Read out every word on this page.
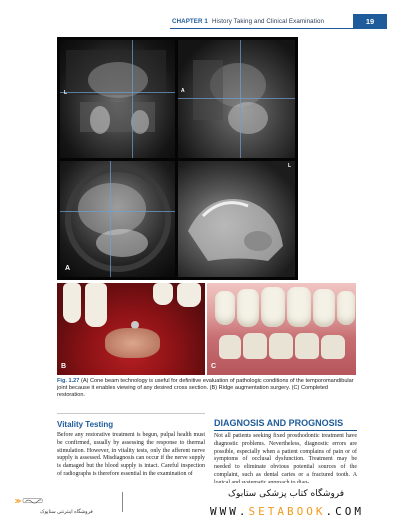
CHAPTER 1 History Taking and Clinical Examination	19
L	A
A
L
B	C
Fig. 1.27 (A) Cone beam technology is useful for definitive evaluation of pathologic conditions of the temporomandibular joint because it enables viewing of any desired cross section. (B) Ridge augmentation surgery. (C) Completed restoration.
Vitality Testing
Before any restorative treatment is begun, pulpal health must be confirmed, usually by assessing the response to thermal stimulation. However, in vitality tests, only the afferent nerve supply is assessed. Misdiagnosis can occur if the nerve supply is damaged but the blood supply is intact. Careful inspection of radiographs is therefore essential in the examination of
DIAGNOSIS AND PROGNOSIS
Not all patients seeking fixed prosthodontic treatment have diagnostic problems. Nevertheless, diagnostic errors are possible, especially when a patient complains of pain or of symptoms of occlusal dysfunction. Treatment may be needed to eliminate obvious potential sources of the complaint, such as dental caries or a fractured tooth. A
فروشگاه اینترنتی ستاپوک
فروشگاه کتاب پزشکی ستابوک
WWW.SETABOOK.COM
